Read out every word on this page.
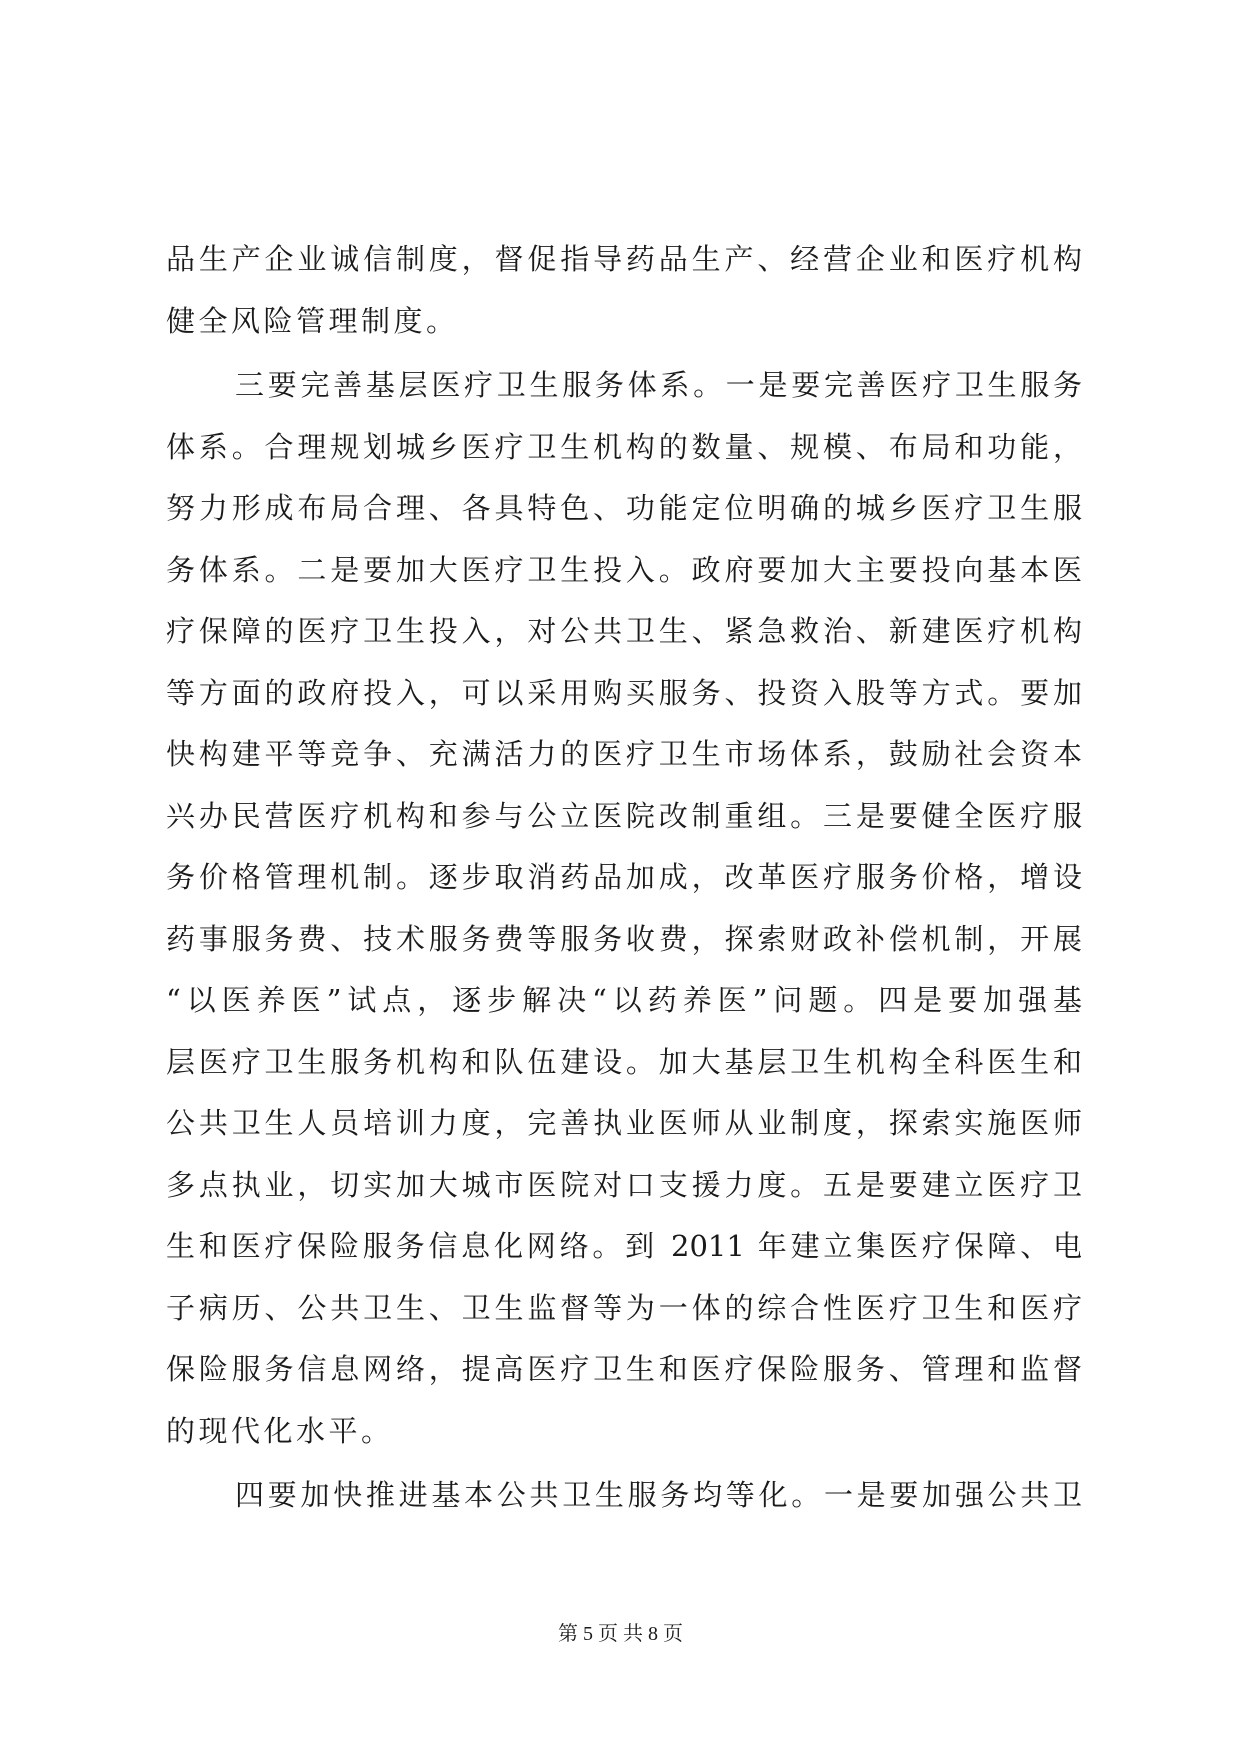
品生产企业诚信制度，督促指导药品生产、经营企业和医疗机构
健全风险管理制度。
三要完善基层医疗卫生服务体系。一是要完善医疗卫生服务
体系。合理规划城乡医疗卫生机构的数量、规模、布局和功能，
努力形成布局合理、各具特色、功能定位明确的城乡医疗卫生服
务体系。二是要加大医疗卫生投入。政府要加大主要投向基本医
疗保障的医疗卫生投入，对公共卫生、紧急救治、新建医疗机构
等方面的政府投入，可以采用购买服务、投资入股等方式。要加
快构建平等竞争、充满活力的医疗卫生市场体系，鼓励社会资本
兴办民营医疗机构和参与公立医院改制重组。三是要健全医疗服
务价格管理机制。逐步取消药品加成，改革医疗服务价格，增设
药事服务费、技术服务费等服务收费，探索财政补偿机制，开展
“以医养医”试点，逐步解决“以药养医”问题。四是要加强基
层医疗卫生服务机构和队伍建设。加大基层卫生机构全科医生和
公共卫生人员培训力度，完善执业医师从业制度，探索实施医师
多点执业，切实加大城市医院对口支援力度。五是要建立医疗卫
生和医疗保险服务信息化网络。到 2011 年建立集医疗保障、电
子病历、公共卫生、卫生监督等为一体的综合性医疗卫生和医疗
保险服务信息网络，提高医疗卫生和医疗保险服务、管理和监督
的现代化水平。
四要加快推进基本公共卫生服务均等化。一是要加强公共卫
第 5 页 共 8 页
